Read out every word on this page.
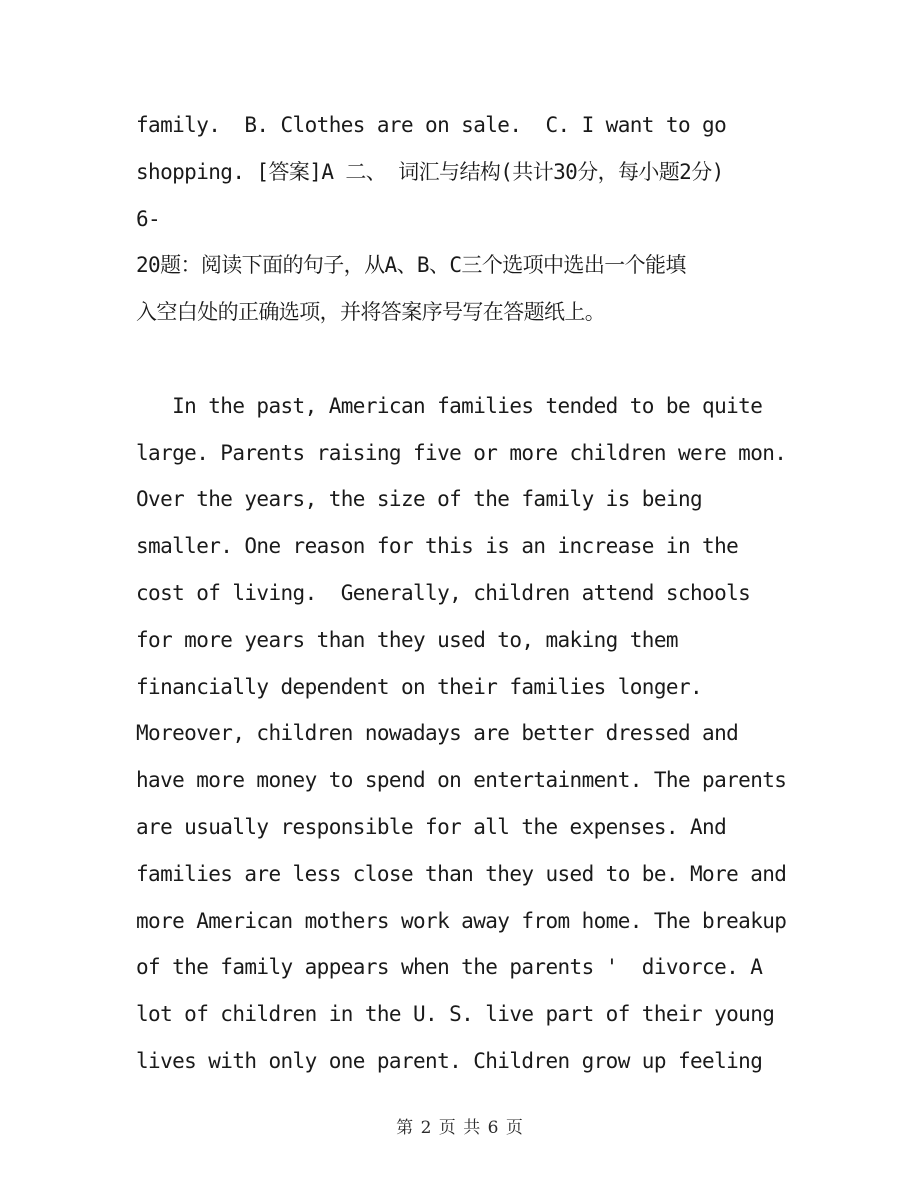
family.  B. Clothes are on sale.  C. I want to go
shopping. [答案]A 二、 词汇与结构(共计30分，每小题2分)
6-
20题：阅读下面的句子，从A、B、C三个选项中选出一个能填
入空白处的正确选项，并将答案序号写在答题纸上。
In the past, American families tended to be quite
large. Parents raising five or more children were mon.
Over the years, the size of the family is being
smaller. One reason for this is an increase in the
cost of living.  Generally, children attend schools
for more years than they used to, making them
financially dependent on their families longer.
Moreover, children nowadays are better dressed and
have more money to spend on entertainment. The parents
are usually responsible for all the expenses. And
families are less close than they used to be. More and
more American mothers work away from home. The breakup
of the family appears when the parents '  divorce. A
lot of children in the U. S. live part of their young
lives with only one parent. Children grow up feeling
第 2 页 共 6 页
